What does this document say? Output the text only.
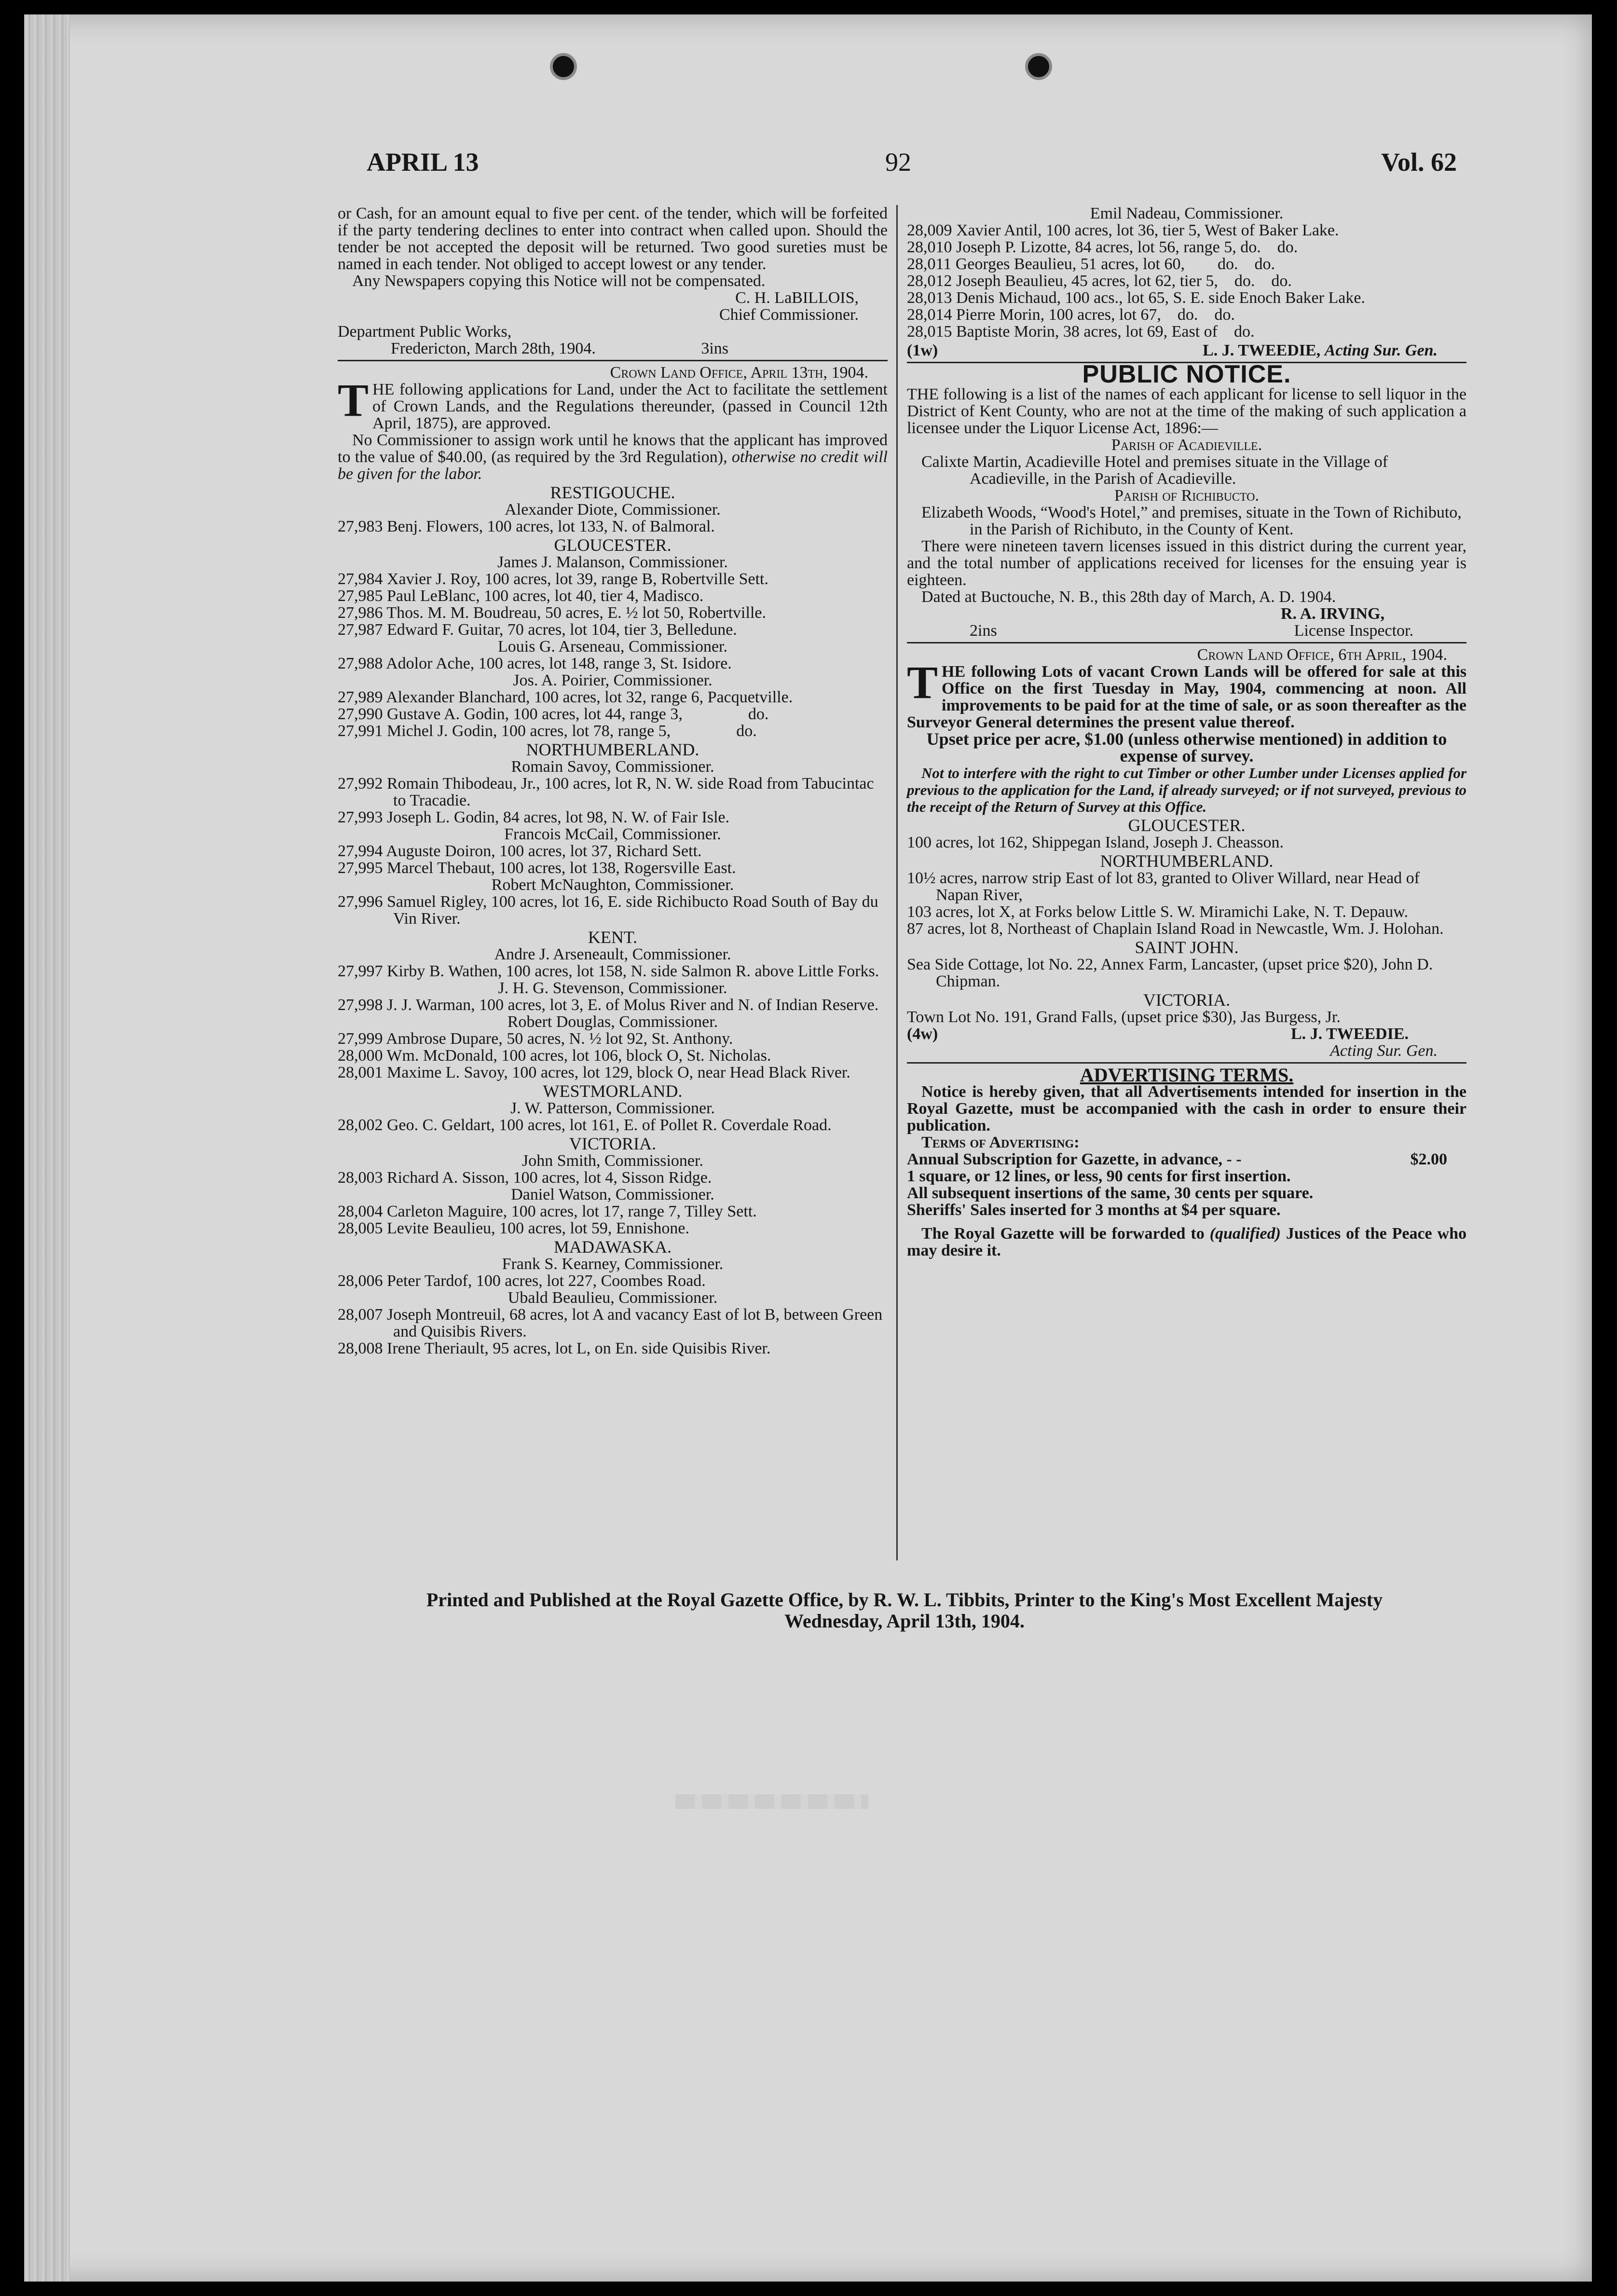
APRIL 13	92	Vol. 62

or Cash, for an amount equal to five per cent. of the tender, which will be forfeited if the party tendering declines to enter into contract when called upon. Should the tender be not accepted the deposit will be returned. Two good sureties must be named in each tender. Not obliged to accept lowest or any tender.

Any Newspapers copying this Notice will not be compensated.

C. H. LaBILLOIS,

Chief Commissioner.

Department Public Works,

Fredericton, March 28th, 1904.	3ins

Crown Land Office, April 13th, 1904.

THE following applications for Land, under the Act to facilitate the settlement of Crown Lands, and the Regulations thereunder, (passed in Council 12th April, 1875), are approved.

No Commissioner to assign work until he knows that the applicant has improved to the value of $40.00, (as required by the 3rd Regulation), otherwise no credit will be given for the labor.

RESTIGOUCHE.

Alexander Diote, Commissioner.

27,983 Benj. Flowers, 100 acres, lot 133, N. of Balmoral.

GLOUCESTER.

James J. Malanson, Commissioner.

27,984 Xavier J. Roy, 100 acres, lot 39, range B, Robertville Sett.

27,985 Paul LeBlanc, 100 acres, lot 40, tier 4, Madisco.

27,986 Thos. M. M. Boudreau, 50 acres, E. ½ lot 50, Robertville.

27,987 Edward F. Guitar, 70 acres, lot 104, tier 3, Belledune.

Louis G. Arseneau, Commissioner.

27,988 Adolor Ache, 100 acres, lot 148, range 3, St. Isidore.

Jos. A. Poirier, Commissioner.

27,989 Alexander Blanchard, 100 acres, lot 32, range 6, Pacquetville.

27,990 Gustave A. Godin, 100 acres, lot 44, range 3,                do.

27,991 Michel J. Godin, 100 acres, lot 78, range 5,                do.

NORTHUMBERLAND.

Romain Savoy, Commissioner.

27,992 Romain Thibodeau, Jr., 100 acres, lot R, N. W. side Road from Tabucintac to Tracadie.

27,993 Joseph L. Godin, 84 acres, lot 98, N. W. of Fair Isle.

Francois McCail, Commissioner.

27,994 Auguste Doiron, 100 acres, lot 37, Richard Sett.

27,995 Marcel Thebaut, 100 acres, lot 138, Rogersville East.

Robert McNaughton, Commissioner.

27,996 Samuel Rigley, 100 acres, lot 16, E. side Richibucto Road South of Bay du Vin River.

KENT.

Andre J. Arseneault, Commissioner.

27,997 Kirby B. Wathen, 100 acres, lot 158, N. side Salmon R. above Little Forks.

J. H. G. Stevenson, Commissioner.

27,998 J. J. Warman, 100 acres, lot 3, E. of Molus River and N. of Indian Reserve.

Robert Douglas, Commissioner.

27,999 Ambrose Dupare, 50 acres, N. ½ lot 92, St. Anthony.

28,000 Wm. McDonald, 100 acres, lot 106, block O, St. Nicholas.

28,001 Maxime L. Savoy, 100 acres, lot 129, block O, near Head Black River.

WESTMORLAND.

J. W. Patterson, Commissioner.

28,002 Geo. C. Geldart, 100 acres, lot 161, E. of Pollet R. Coverdale Road.

VICTORIA.

John Smith, Commissioner.

28,003 Richard A. Sisson, 100 acres, lot 4, Sisson Ridge.

Daniel Watson, Commissioner.

28,004 Carleton Maguire, 100 acres, lot 17, range 7, Tilley Sett.

28,005 Levite Beaulieu, 100 acres, lot 59, Ennishone.

MADAWASKA.

Frank S. Kearney, Commissioner.

28,006 Peter Tardof, 100 acres, lot 227, Coombes Road.

Ubald Beaulieu, Commissioner.

28,007 Joseph Montreuil, 68 acres, lot A and vacancy East of lot B, between Green and Quisibis Rivers.

28,008 Irene Theriault, 95 acres, lot L, on En. side Quisibis River.

Emil Nadeau, Commissioner.

28,009 Xavier Antil, 100 acres, lot 36, tier 5, West of Baker Lake.

28,010 Joseph P. Lizotte, 84 acres, lot 56, range 5, do.    do.

28,011 Georges Beaulieu, 51 acres, lot 60,        do.    do.

28,012 Joseph Beaulieu, 45 acres, lot 62, tier 5,    do.    do.

28,013 Denis Michaud, 100 acs., lot 65, S. E. side Enoch Baker Lake.

28,014 Pierre Morin, 100 acres, lot 67,    do.    do.

28,015 Baptiste Morin, 38 acres, lot 69, East of    do.

(1w)	L. J. TWEEDIE, Acting Sur. Gen.

PUBLIC NOTICE.

THE following is a list of the names of each applicant for license to sell liquor in the District of Kent County, who are not at the time of the making of such application a licensee under the Liquor License Act, 1896:—

Parish of Acadieville.

Calixte Martin, Acadieville Hotel and premises situate in the Village of Acadieville, in the Parish of Acadieville.

Parish of Richibucto.

Elizabeth Woods, “Wood's Hotel,” and premises, situate in the Town of Richibuto, in the Parish of Richibuto, in the County of Kent.

There were nineteen tavern licenses issued in this district during the current year, and the total number of applications received for licenses for the ensuing year is eighteen.

Dated at Buctouche, N. B., this 28th day of March, A. D. 1904.

R. A. IRVING,

2ins	License Inspector.

Crown Land Office, 6th April, 1904.

THE following Lots of vacant Crown Lands will be offered for sale at this Office on the first Tuesday in May, 1904, commencing at noon. All improvements to be paid for at the time of sale, or as soon thereafter as the Surveyor General determines the present value thereof.

Upset price per acre, $1.00 (unless otherwise mentioned) in addition to expense of survey.

Not to interfere with the right to cut Timber or other Lumber under Licenses applied for previous to the application for the Land, if already surveyed; or if not surveyed, previous to the receipt of the Return of Survey at this Office.

GLOUCESTER.

100 acres, lot 162, Shippegan Island, Joseph J. Cheasson.

NORTHUMBERLAND.

10½ acres, narrow strip East of lot 83, granted to Oliver Willard, near Head of Napan River,

103 acres, lot X, at Forks below Little S. W. Miramichi Lake, N. T. Depauw.

87 acres, lot 8, Northeast of Chaplain Island Road in Newcastle, Wm. J. Holohan.

SAINT JOHN.

Sea Side Cottage, lot No. 22, Annex Farm, Lancaster, (upset price $20), John D. Chipman.

VICTORIA.

Town Lot No. 191, Grand Falls, (upset price $30), Jas Burgess, Jr.

(4w)	L. J. TWEEDIE.

Acting Sur. Gen.

ADVERTISING TERMS.

Notice is hereby given, that all Advertisements intended for insertion in the Royal Gazette, must be accompanied with the cash in order to ensure their publication.

Terms of Advertising:

Annual Subscription for Gazette, in advance, - -	$2.00

1 square, or 12 lines, or less, 90 cents for first insertion.

All subsequent insertions of the same, 30 cents per square.

Sheriffs' Sales inserted for 3 months at $4 per square.

The Royal Gazette will be forwarded to (qualified) Justices of the Peace who may desire it.

Printed and Published at the Royal Gazette Office, by R. W. L. Tibbits, Printer to the King's Most Excellent Majesty
Wednesday, April 13th, 1904.
